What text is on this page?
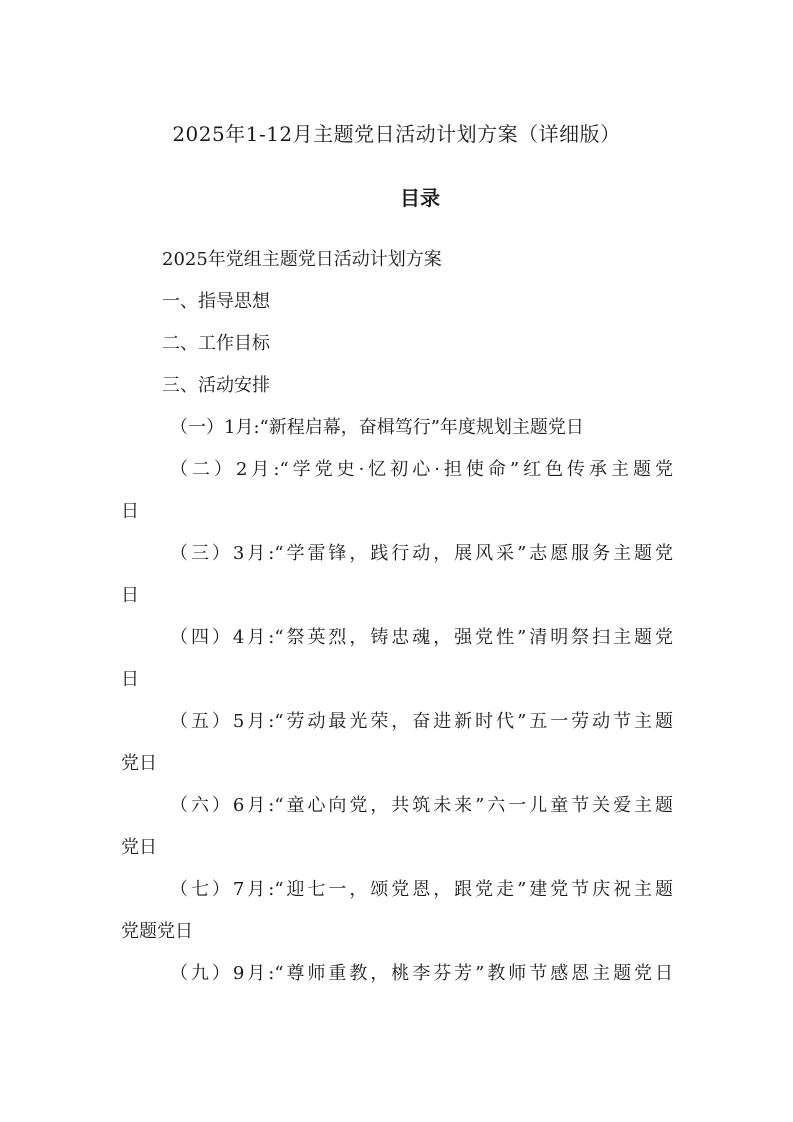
2025年1-12月主题党日活动计划方案（详细版）
目录
2025年党组主题党日活动计划方案
一、指导思想
二、工作目标
三、活动安排
（一）1月:“新程启幕，奋楫笃行”年度规划主题党日
（二）2月:“学党史·忆初心·担使命”红色传承主题党
日
（三）3月:“学雷锋，践行动，展风采”志愿服务主题党
日
（四）4月:“祭英烈，铸忠魂，强党性”清明祭扫主题党
日
（五）5月:“劳动最光荣，奋进新时代”五一劳动节主题
党日
（六）6月:“童心向党，共筑未来”六一儿童节关爱主题
党日
（七）7月:“迎七一，颂党恩，跟党走”建党节庆祝主题
党题党日
（九）9月:“尊师重教，桃李芬芳”教师节感恩主题党日
